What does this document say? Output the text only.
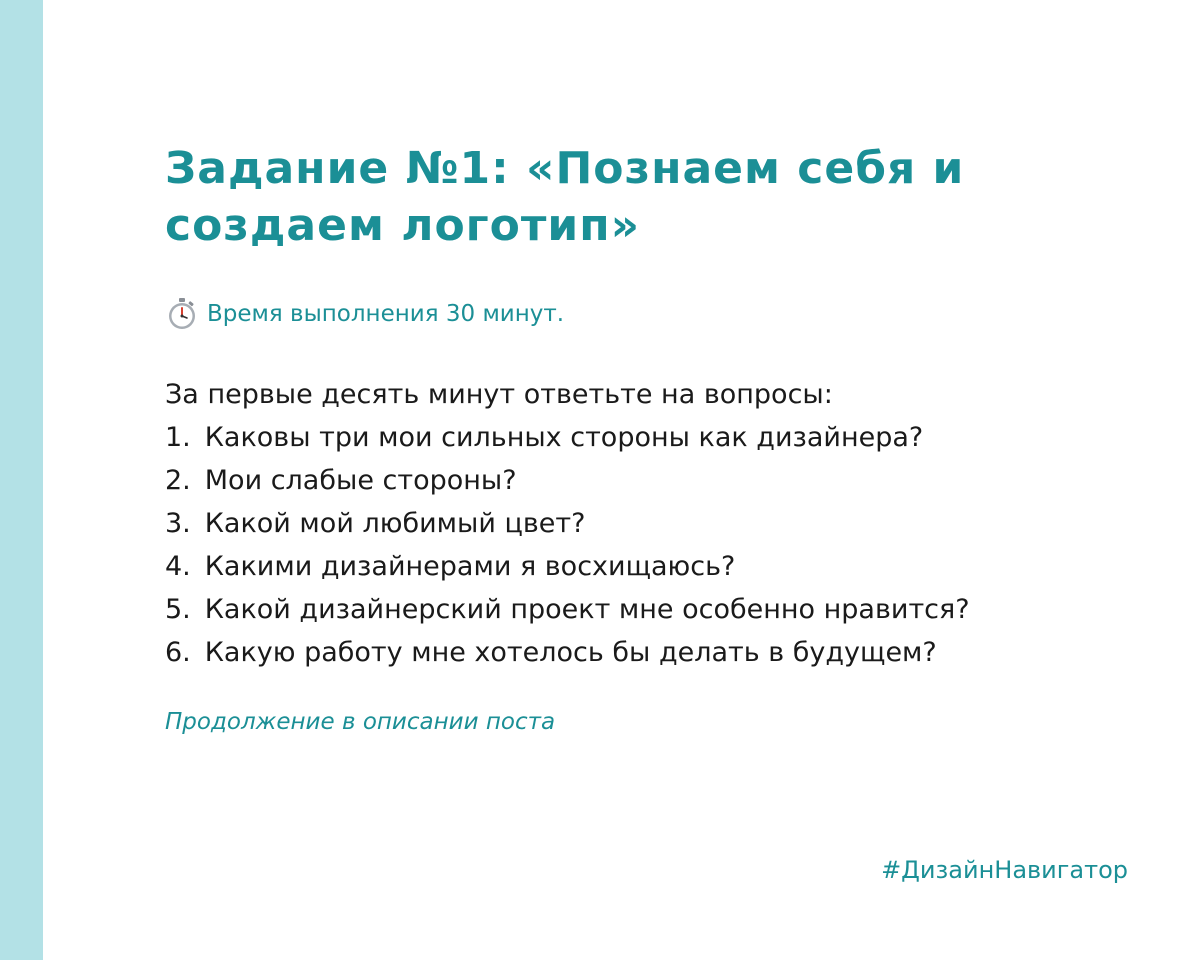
Задание №1: «Познаем себя и создаем логотип»
Время выполнения 30 минут.
За первые десять минут ответьте на вопросы:
1. Каковы три мои сильных стороны как дизайнера?
2. Мои слабые стороны?
3. Какой мой любимый цвет?
4. Какими дизайнерами я восхищаюсь?
5. Какой дизайнерский проект мне особенно нравится?
6. Какую работу мне хотелось бы делать в будущем?
Продолжение в описании поста
#ДизайнНавигатор
